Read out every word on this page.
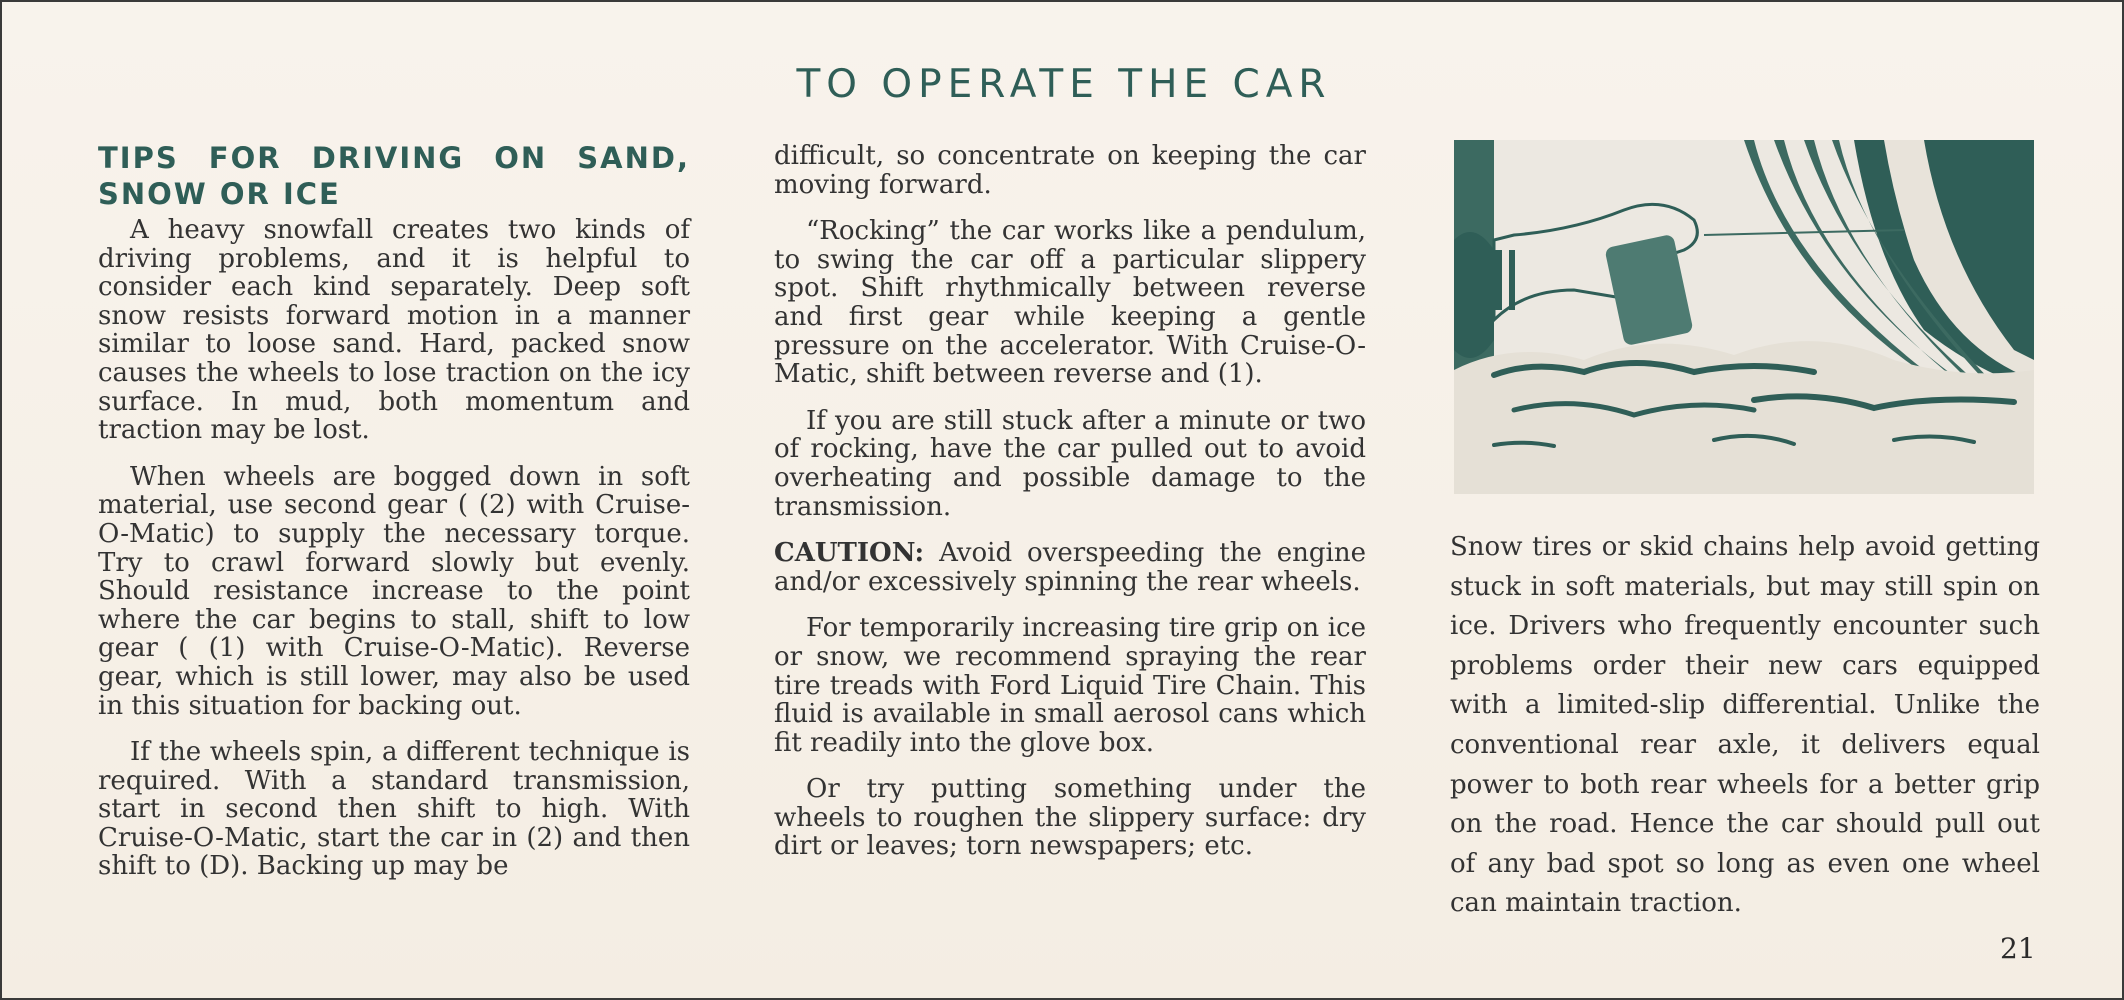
TO OPERATE THE CAR
TIPS FOR DRIVING ON SAND, SNOW OR ICE

A heavy snowfall creates two kinds of driving problems, and it is helpful to consider each kind separately. Deep soft snow resists forward motion in a manner similar to loose sand. Hard, packed snow causes the wheels to lose traction on the icy surface. In mud, both momentum and traction may be lost.

When wheels are bogged down in soft material, use second gear ( (2) with Cruise-O-Matic) to supply the necessary torque. Try to crawl forward slowly but evenly. Should resistance increase to the point where the car begins to stall, shift to low gear ( (1) with Cruise-O-Matic). Reverse gear, which is still lower, may also be used in this situation for backing out.

If the wheels spin, a different technique is required. With a standard transmission, start in second then shift to high. With Cruise-O-Matic, start the car in (2) and then shift to (D). Backing up may be

difficult, so concentrate on keeping the car moving forward.

“Rocking” the car works like a pendulum, to swing the car off a particular slippery spot. Shift rhythmically between reverse and first gear while keeping a gentle pressure on the accelerator. With Cruise-O-Matic, shift between reverse and (1).

If you are still stuck after a minute or two of rocking, have the car pulled out to avoid overheating and possible damage to the transmission.

CAUTION: Avoid overspeeding the engine and/or excessively spinning the rear wheels.

For temporarily increasing tire grip on ice or snow, we recommend spraying the rear tire treads with Ford Liquid Tire Chain. This fluid is available in small aerosol cans which fit readily into the glove box.

Or try putting something under the wheels to roughen the slippery surface: dry dirt or leaves; torn newspapers; etc.

Snow tires or skid chains help avoid getting stuck in soft materials, but may still spin on ice. Drivers who frequently encounter such problems order their new cars equipped with a limited-slip differential. Unlike the conventional rear axle, it delivers equal power to both rear wheels for a better grip on the road. Hence the car should pull out of any bad spot so long as even one wheel can maintain traction.

21
